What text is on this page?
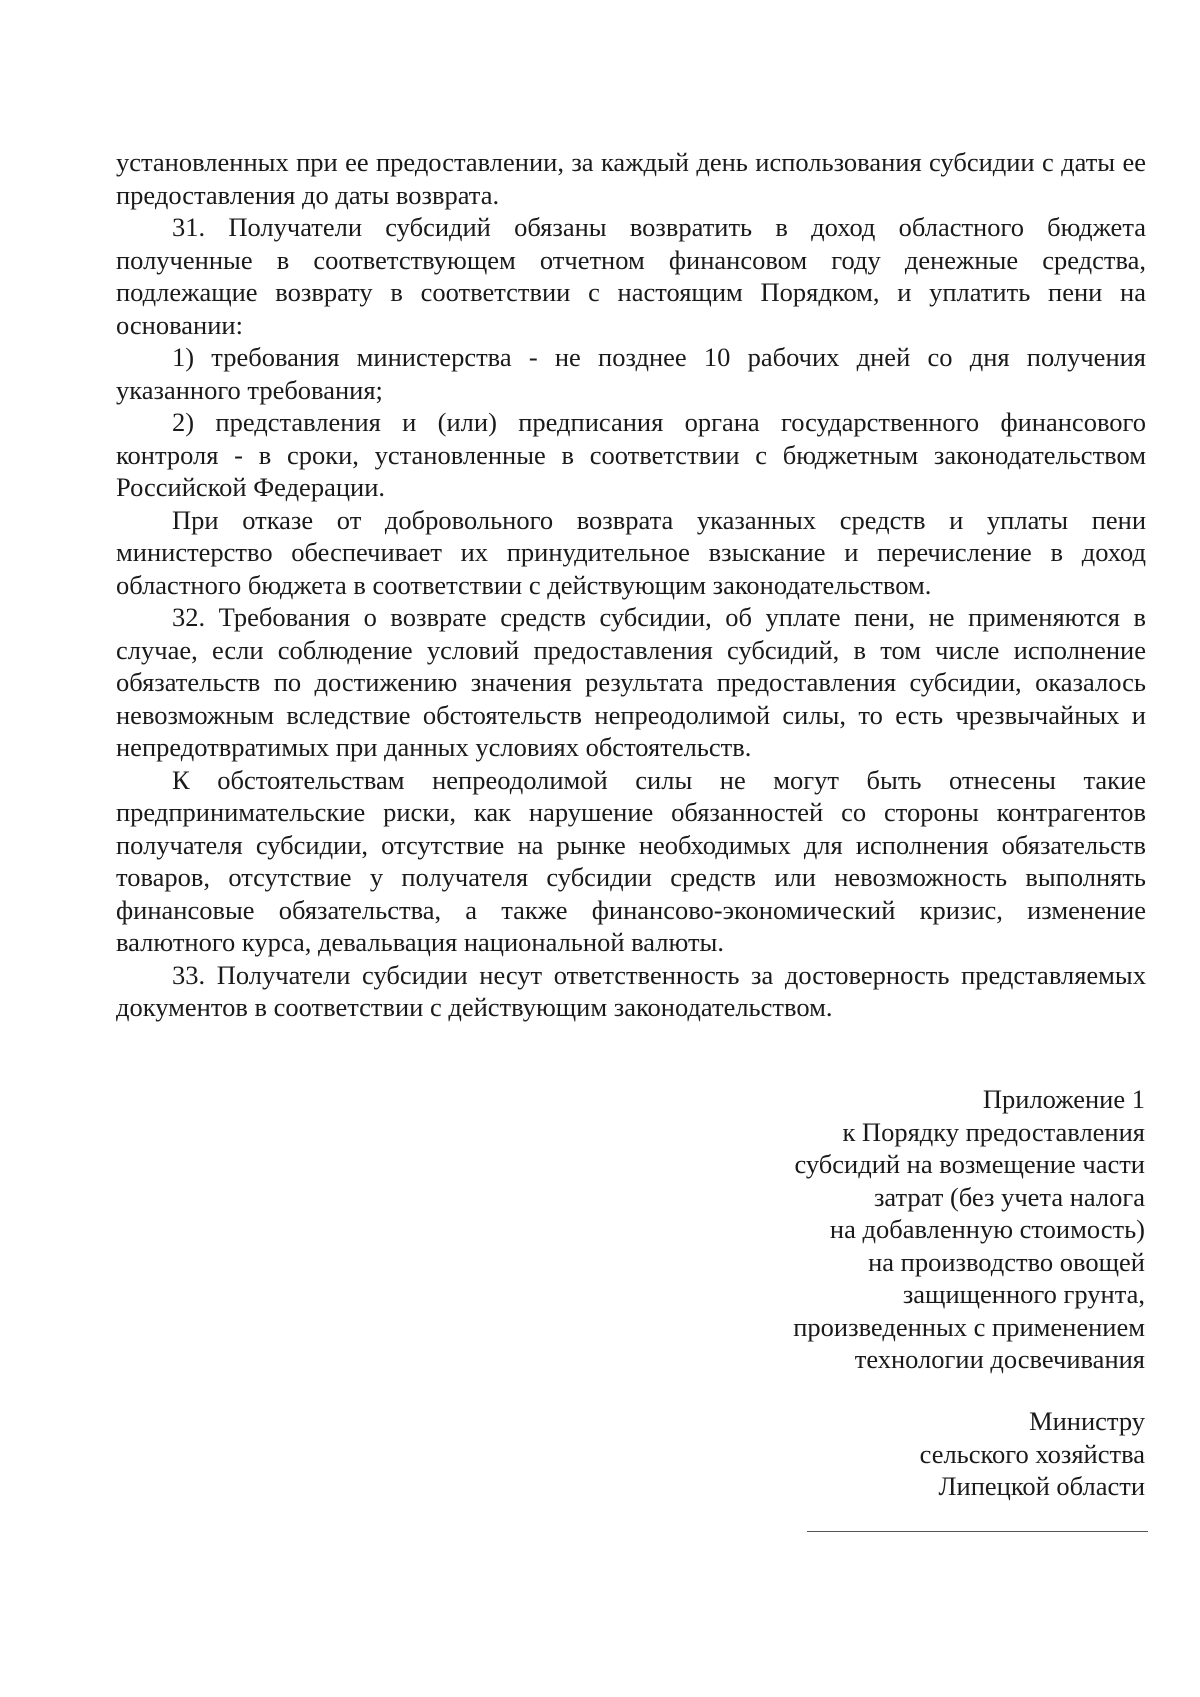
установленных при ее предоставлении, за каждый день использования субсидии с даты ее предоставления до даты возврата.

31. Получатели субсидий обязаны возвратить в доход областного бюджета полученные в соответствующем отчетном финансовом году денежные средства, подлежащие возврату в соответствии с настоящим Порядком, и уплатить пени на основании:

1) требования министерства - не позднее 10 рабочих дней со дня получения указанного требования;

2) представления и (или) предписания органа государственного финансового контроля - в сроки, установленные в соответствии с бюджетным законодательством Российской Федерации.

При отказе от добровольного возврата указанных средств и уплаты пени министерство обеспечивает их принудительное взыскание и перечисление в доход областного бюджета в соответствии с действующим законодательством.

32. Требования о возврате средств субсидии, об уплате пени, не применяются в случае, если соблюдение условий предоставления субсидий, в том числе исполнение обязательств по достижению значения результата предоставления субсидии, оказалось невозможным вследствие обстоятельств непреодолимой силы, то есть чрезвычайных и непредотвратимых при данных условиях обстоятельств.

К обстоятельствам непреодолимой силы не могут быть отнесены такие предпринимательские риски, как нарушение обязанностей со стороны контрагентов получателя субсидии, отсутствие на рынке необходимых для исполнения обязательств товаров, отсутствие у получателя субсидии средств или невозможность выполнять финансовые обязательства, а также финансово-экономический кризис, изменение валютного курса, девальвация национальной валюты.

33. Получатели субсидии несут ответственность за достоверность представляемых документов в соответствии с действующим законодательством.

Приложение 1
к Порядку предоставления
субсидий на возмещение части
затрат (без учета налога
на добавленную стоимость)
на производство овощей
защищенного грунта,
произведенных с применением
технологии досвечивания
Министру
сельского хозяйства
Липецкой области
